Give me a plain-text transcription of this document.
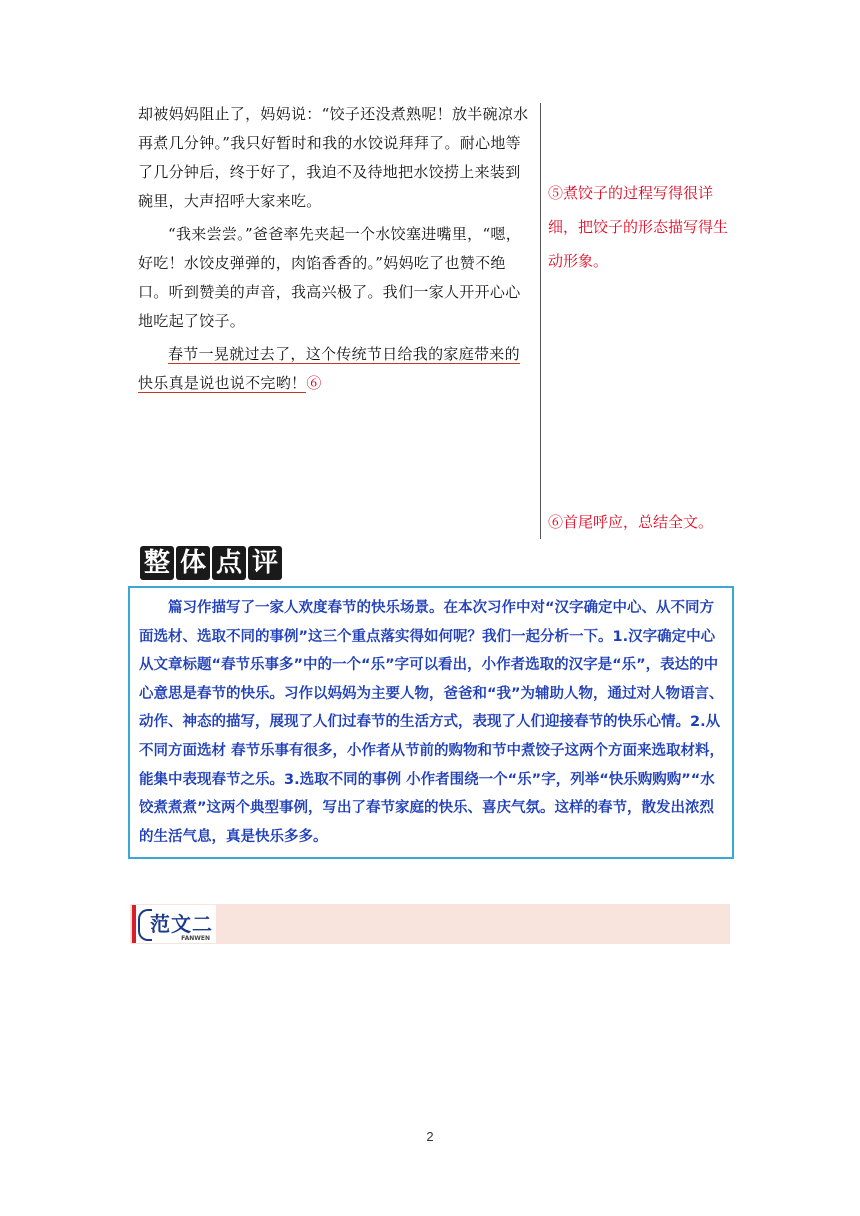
却被妈妈阻止了，妈妈说：“饺子还没煮熟呢！放半碗凉水再煮几分钟。”我只好暂时和我的水饺说拜拜了。耐心地等了几分钟后，终于好了，我迫不及待地把水饺捞上来装到碗里，大声招呼大家来吃。

“我来尝尝。”爸爸率先夹起一个水饺塞进嘴里，“嗯，好吃！水饺皮弹弹的，肉馅香香的。”妈妈吃了也赞不绝口。听到赞美的声音，我高兴极了。我们一家人开开心心地吃起了饺子。

春节一晃就过去了，这个传统节日给我的家庭带来的快乐真是说也说不完哟！⑥

⑤煮饺子的过程写得很详细，把饺子的形态描写得生动形象。
⑥首尾呼应，总结全文。
整 体 点 评
篇习作描写了一家人欢度春节的快乐场景。在本次习作中对“汉字确定中心、从不同方面选材、选取不同的事例”这三个重点落实得如何呢？我们一起分析一下。1.汉字确定中心从文章标题“春节乐事多”中的一个“乐”字可以看出，小作者选取的汉字是“乐”，表达的中心意思是春节的快乐。习作以妈妈为主要人物，爸爸和“我”为辅助人物，通过对人物语言、动作、神态的描写，展现了人们过春节的生活方式，表现了人们迎接春节的快乐心情。2.从不同方面选材 春节乐事有很多，小作者从节前的购物和节中煮饺子这两个方面来选取材料，能集中表现春节之乐。3.选取不同的事例 小作者围绕一个“乐”字，列举“快乐购购购”“水饺煮煮煮”这两个典型事例，写出了春节家庭的快乐、喜庆气氛。这样的春节，散发出浓烈的生活气息，真是快乐多多。
范文二
FANWEN
2
